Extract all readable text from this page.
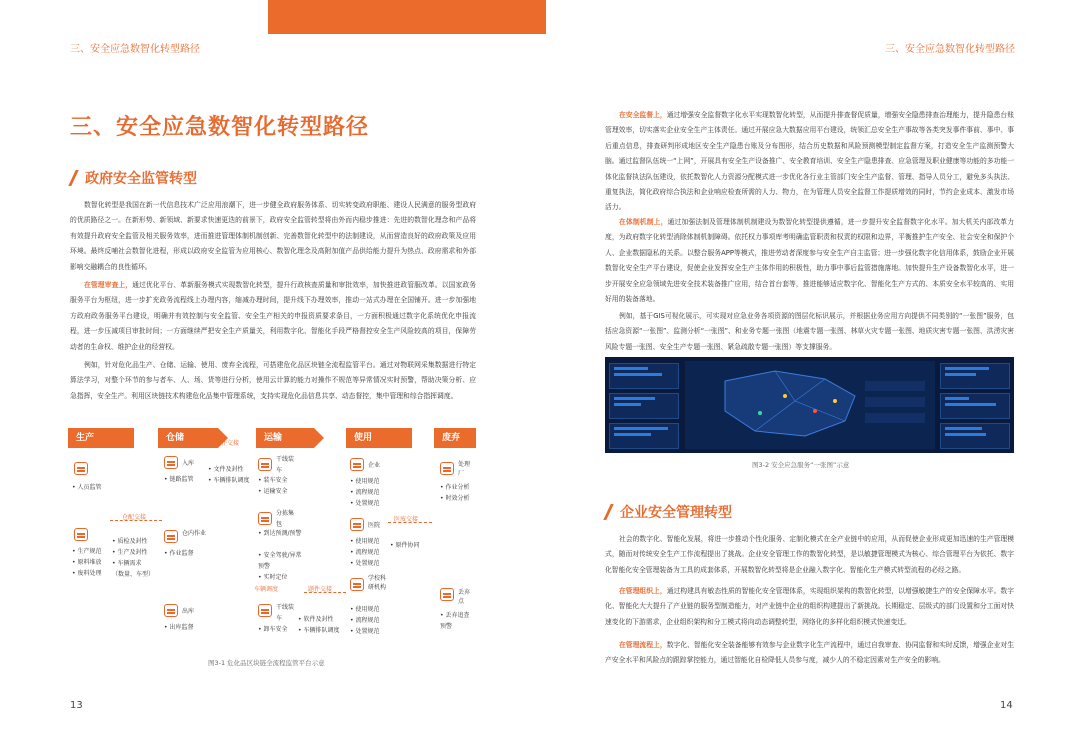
三、安全应急数智化转型路径	三、安全应急数智化转型路径
三、安全应急数智化转型路径
政府安全监管转型

数智化转型是我国在新一代信息技术广泛应用浪潮下，进一步健全政府服务体系、切实转变政府职能、建设人民满意的服务型政府的优质路径之一。在新形势、新领域、新要求快速更迭的前景下，政府安全监管转型将由外而内稳步推进：先进的数智化理念和产品将有效提升政府安全监管及相关服务效率，进而推进管理体制机制创新、完善数智化转型中的法制建设，从而营造良好的政府政策及应用环境。最终反哺社会数智化进程，形成以政府安全监管为应用核心、数智化理念及高附加值产品供给能力提升为热点、政府需求和外部影响交融耦合的良性循环。

在管理审查上，通过优化平台、革新服务模式实现数智化转型，提升行政核查质量和审批效率，加快推进政管服改革。以国家政务服务平台为枢纽，进一步扩充政务流程线上办理内容，缩减办理时间，提升线下办理效率，推动一站式办理在全国铺开。进一步加强地方政府政务服务平台建设，明确并有效控制与安全监管、安全生产相关的申报资质要求条目，一方面积极通过数字化系统优化申报流程，进一步压减项目审批时间；一方面继续严把安全生产质量关，利用数字化、智能化手段严格督控安全生产风险较高的项目，保障劳动者的生命权、维护企业的经营权。

例如，针对危化品生产、仓储、运输、使用、废弃全流程，可搭建危化品区块链全流程监管平台。通过对物联网采集数据进行特定算法学习，对整个环节的参与者车、人、场、货等进行分析，使用云计算的能力对操作不规范等异常情况实时预警，帮助决策分析、应急指挥，安全生产。利用区块链技术构建危化品集中管理系统，支持实现危化品信息共享、动态督控，集中管理和综合指挥调度。

生产	仓储	运输	使用	废弃
文件交接
• 人员监管
• 生产规范
• 原料堆放
• 废料处理
入库
• 链路监管
仓配交接
• 质检及封性
• 生产及封性
• 车辆需求
（数量、车型）
仓内作业
• 作业监督
出库
• 出库监督
干线装车
• 文件及封性
• 车辆排队调度 • 装车安全
• 运输安全
分拣集包
• 到达预测/预警
• 安全驾驶/异常预警
• 实时定位
车辆调度
干线装车
• 卸车安全
• 软件及封性
• 车辆排队调度
题件交接
企业
• 使用规范
• 流程规范
• 处置规范
医院
• 使用规范
• 流程规范
• 处置规范
医废交接
• 原件协同
学校科研机构
• 使用规范
• 流程规范
• 处置规范
处理厂
• 作业分析
• 时效分析
丢弃点
• 丢弃追查
预警
图3-1 危化品区块链全流程监管平台示意
13

在安全监督上，通过增强安全监督数字化水平实现数智化转型，从而提升排查督促质量，增强安全隐患排查治理能力，提升隐患台账管理效率，切实落实企业安全生产主体责任。通过开展应急大数据应用平台建设，统领汇总安全生产事故等各类突发事件事前、事中、事后重点信息，排查研判形成地区安全生产隐患台账及分布图形，结合历史数据和风险预测模型制定监督方案，打造安全生产监测预警大脑。通过监督队伍统一“上网”，开展具有安全生产设备推广、安全教育培训、安全生产隐患排查、应急管理及职业健康等功能的多功能一体化监督执法队伍建设，依托数智化人力资源分配模式进一步优化各行业主管部门安全生产监督、管理、指导人员分工，避免多头执法、重复执法，简化政府综合执法和企业响应检查所需的人力、物力，在为管理人员安全监督工作提质增效的同时，节约企业成本、激发市场活力。

在体制机制上，通过加强法制及管理体制机制建设为数智化转型提供遵循，进一步提升安全监督数字化水平。加大机关内部改革力度，为政府数字化转型消除体制机制障碍。依托权力事项库考明确监管职责和权责的权限和边界，平衡推护生产安全、社会安全和保护个人、企业数据隐私的关系。以整合服务APP等模式，推进劳动者深度参与安全生产自主监管；进一步强化数字化信用体系，鼓励企业开展数智化安全生产平台建设，促使企业发挥安全生产主体作用的积极性，助力事中事后监管措施落地。加快提升生产设备数智化水平，进一步开展安全应急领域先进安全技术装备推广应用，结合首台套等，推进能够适应数字化、智能化生产方式的、本质安全水平较高的、实用好用的装备落地。

例如，基于GIS可视化展示，可实现对应急业务各项资源的图层化标识展示，并根据业务应用方向提供不同类别的“一张图”服务，包括应急资源“一张图”、监测分析“一张图”、和业务专题一张图（地震专题一张图、林草火灾专题一张图、地质灾害专题一张图、洪涝灾害风险专题一张图、安全生产专题一张图、紧急疏散专题一张图）等支撑服务。

图3-2 安全应急服务“一张图”示意
企业安全管理转型

社会的数字化、智能化发展，将进一步推动个性化服务、定制化模式在全产业链中的应用，从而促使企业形成更加迅速的生产管理模式，随而对传统安全生产工作流程提出了挑战。企业安全管理工作的数智化转型，是以敏捷管理模式为核心、综合管理平台为依托、数字化智能化安全管理装备为工具的成套体系，开展数智化转型将是企业融入数字化、智能化生产模式转型流程的必经之路。

在管理组织上，通过构建具有敏态性质的智能化安全管理体系，实现组织架构的数智化转型，以增强敏捷生产的安全保障水平。数字化、智能化大大提升了产业链的服务型制造能力，对产业链中企业的组织构建提出了新挑战。长期稳定、层级式的部门设置和分工面对快速变化的下游需求，企业组织架构和分工模式将向动态调整转型，网络化的多样化组织模式快速变迁。

在管理流程上，数字化、智能化安全装备能够有效参与企业数字化生产流程中，通过自我审查、协同监督和实时反馈，增强企业对生产安全水平和风险点的跟踪掌控能力，通过智能化自检降低人员参与度，减少人的不稳定因素对生产安全的影响。

14
